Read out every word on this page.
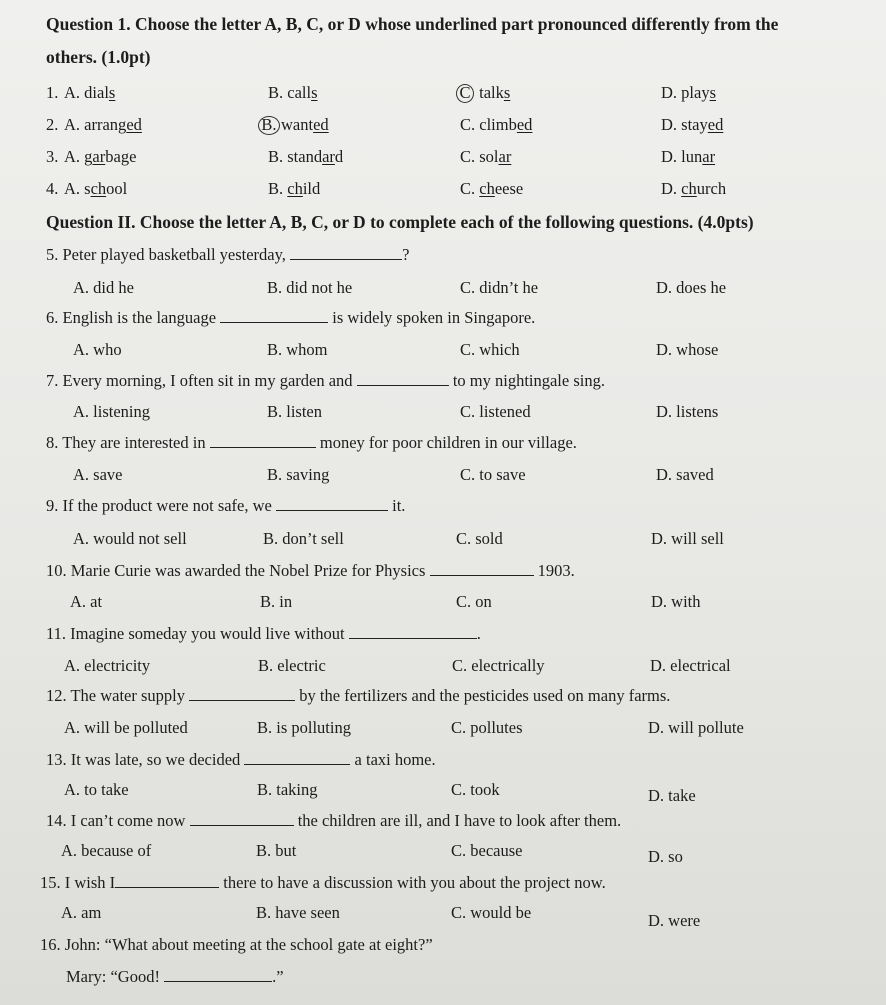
Question 1. Choose the letter A, B, C, or D whose underlined part pronounced differently from the
others. (1.0pt)
1. A. dials	B. calls	C talks	D. plays
2. A. arranged	B. wanted	C. climbed	D. stayed
3. A. garbage	B. standard	C. solar	D. lunar
4. A. school	B. child	C. cheese	D. church
Question II. Choose the letter A, B, C, or D to complete each of the following questions. (4.0pts)
5. Peter played basketball yesterday,	?
A. did he	B. did not he	C. didn’t he	D. does he
6. English is the language	is widely spoken in Singapore.
A. who	B. whom	C. which	D. whose
7. Every morning, I often sit in my garden and	to my nightingale sing.
A. listening	B. listen	C. listened	D. listens
8. They are interested in	money for poor children in our village.
A. save	B. saving	C. to save	D. saved
9. If the product were not safe, we	it.
A. would not sell	B. don’t sell	C. sold	D. will sell
10. Marie Curie was awarded the Nobel Prize for Physics	1903.
A. at	B. in	C. on	D. with
11. Imagine someday you would live without	.
A. electricity	B. electric	C. electrically	D. electrical
12. The water supply	by the fertilizers and the pesticides used on many farms.
A. will be polluted	B. is polluting	C. pollutes	D. will pollute
13. It was late, so we decided	a taxi home.
A. to take	B. taking	C. took	D. take
14. I can’t come now	the children are ill, and I have to look after them.
A. because of	B. but	C. because	D. so
15. I wish I	there to have a discussion with you about the project now.
A. am	B. have seen	C. would be	D. were
16. John: “What about meeting at the school gate at eight?”
Mary: “Good!	.”
